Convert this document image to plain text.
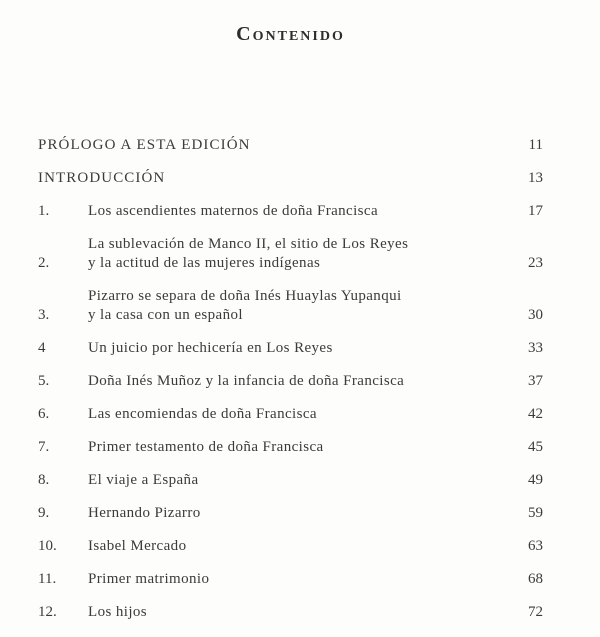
Contenido
PRÓLOGO A ESTA EDICIÓN	11
INTRODUCCIÓN	13
1.	Los ascendientes maternos de doña Francisca	17
2.
La sublevación de Manco II, el sitio de Los Reyes
y la actitud de las mujeres indígenas	23
3.
Pizarro se separa de doña Inés Huaylas Yupanqui
y la casa con un español	30
4	Un juicio por hechicería en Los Reyes	33
5.	Doña Inés Muñoz y la infancia de doña Francisca	37
6.	Las encomiendas de doña Francisca	42
7.	Primer testamento de doña Francisca	45
8.	El viaje a España	49
9.	Hernando Pizarro	59
10.	Isabel Mercado	63
11.	Primer matrimonio	68
12.	Los hijos	72
